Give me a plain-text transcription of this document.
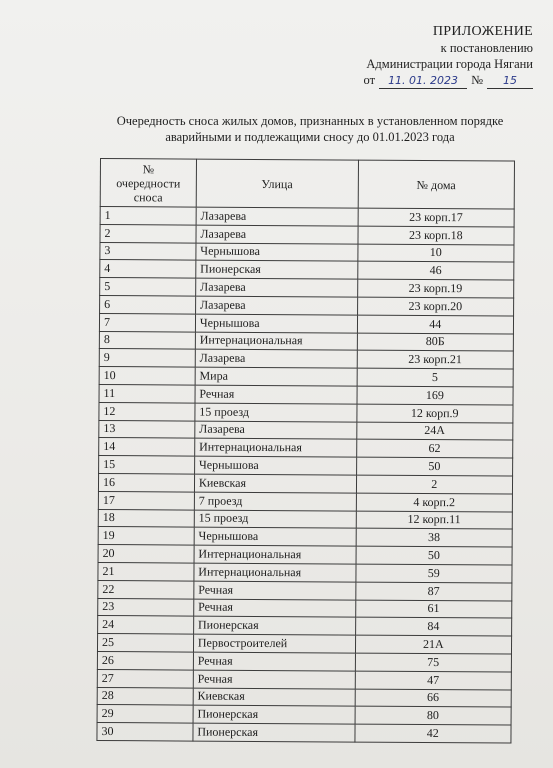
ПРИЛОЖЕНИЕ
к постановлению
Администрации города Нягани
от	11. 01. 2023	№	15
Очередность сноса жилых домов, признанных в установленном порядке
аварийными и подлежащими сносу до 01.01.2023 года
№
очередности
сноса	Улица	№ дома
1	Лазарева	23 корп.17
2	Лазарева	23 корп.18
3	Чернышова	10
4	Пионерская	46
5	Лазарева	23 корп.19
6	Лазарева	23 корп.20
7	Чернышова	44
8	Интернациональная	80Б
9	Лазарева	23 корп.21
10	Мира	5
11	Речная	169
12	15 проезд	12 корп.9
13	Лазарева	24А
14	Интернациональная	62
15	Чернышова	50
16	Киевская	2
17	7 проезд	4 корп.2
18	15 проезд	12 корп.11
19	Чернышова	38
20	Интернациональная	50
21	Интернациональная	59
22	Речная	87
23	Речная	61
24	Пионерская	84
25	Первостроителей	21А
26	Речная	75
27	Речная	47
28	Киевская	66
29	Пионерская	80
30	Пионерская	42
